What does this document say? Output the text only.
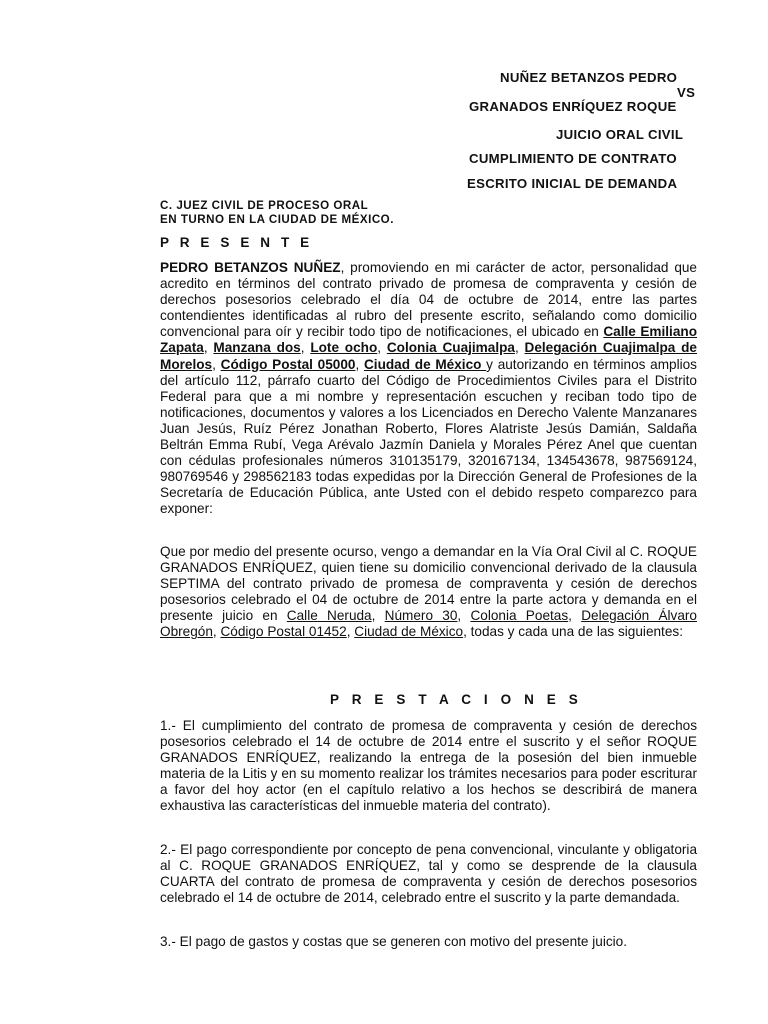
NUÑEZ BETANZOS PEDRO
VS
GRANADOS ENRÍQUEZ ROQUE
JUICIO ORAL CIVIL
CUMPLIMIENTO DE CONTRATO
ESCRITO INICIAL DE DEMANDA
C. JUEZ CIVIL DE PROCESO ORAL
EN TURNO EN LA CIUDAD DE MÉXICO.
P R E S E N T E

PEDRO BETANZOS NUÑEZ, promoviendo en mi carácter de actor, personalidad que acredito en términos del contrato privado de promesa de compraventa y cesión de derechos posesorios celebrado el día 04 de octubre de 2014, entre las partes contendientes identificadas al rubro del presente escrito, señalando como domicilio convencional para oír y recibir todo tipo de notificaciones, el ubicado en Calle Emiliano Zapata, Manzana dos, Lote ocho, Colonia Cuajimalpa, Delegación Cuajimalpa de Morelos, Código Postal 05000, Ciudad de México y autorizando en términos amplios del artículo 112, párrafo cuarto del Código de Procedimientos Civiles para el Distrito Federal para que a mi nombre y representación escuchen y reciban todo tipo de notificaciones, documentos y valores a los Licenciados en Derecho Valente Manzanares Juan Jesús, Ruíz Pérez Jonathan Roberto, Flores Alatriste Jesús Damián, Saldaña Beltrán Emma Rubí, Vega Arévalo Jazmín Daniela y Morales Pérez Anel que cuentan con cédulas profesionales números 310135179, 320167134, 134543678, 987569124, 980769546 y 298562183 todas expedidas por la Dirección General de Profesiones de la Secretaría de Educación Pública, ante Usted con el debido respeto comparezco para exponer:

Que por medio del presente ocurso, vengo a demandar en la Vía Oral Civil al C. ROQUE GRANADOS ENRÍQUEZ, quien tiene su domicilio convencional derivado de la clausula SEPTIMA del contrato privado de promesa de compraventa y cesión de derechos posesorios celebrado el 04 de octubre de 2014 entre la parte actora y demanda en el presente juicio en Calle Neruda, Número 30, Colonia Poetas, Delegación Álvaro Obregón, Código Postal 01452, Ciudad de México, todas y cada una de las siguientes:

P R E S T A C I O N E S

1.- El cumplimiento del contrato de promesa de compraventa y cesión de derechos posesorios celebrado el 14 de octubre de 2014 entre el suscrito y el señor ROQUE GRANADOS ENRÍQUEZ, realizando la entrega de la posesión del bien inmueble materia de la Litis y en su momento realizar los trámites necesarios para poder escriturar a favor del hoy actor (en el capítulo relativo a los hechos se describirá de manera exhaustiva las características del inmueble materia del contrato).

2.- El pago correspondiente por concepto de pena convencional, vinculante y obligatoria al C. ROQUE GRANADOS ENRÍQUEZ, tal y como se desprende de la clausula CUARTA del contrato de promesa de compraventa y cesión de derechos posesorios celebrado el 14 de octubre de 2014, celebrado entre el suscrito y la parte demandada.

3.- El pago de gastos y costas que se generen con motivo del presente juicio.
